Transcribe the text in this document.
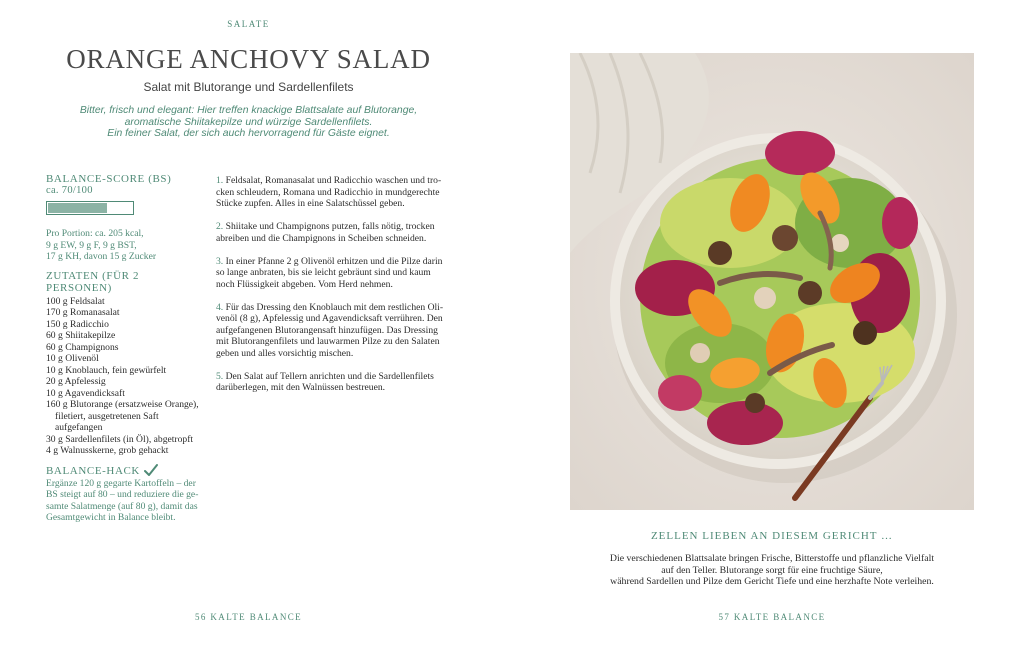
SALATE
ORANGE ANCHOVY SALAD
Salat mit Blutorange und Sardellenfilets
Bitter, frisch und elegant: Hier treffen knackige Blattsalate auf Blutorange,
aromatische Shiitakepilze und würzige Sardellenfilets.
Ein feiner Salat, der sich auch hervorragend für Gäste eignet.
BALANCE-SCORE (BS)
ca. 70/100
Pro Portion: ca. 205 kcal,
9 g EW, 9 g F, 9 g BST,
17 g KH, davon 15 g Zucker
ZUTATEN (FÜR 2 PERSONEN)
100 g Feldsalat
170 g Romanasalat
150 g Radicchio
60 g Shiitakepilze
60 g Champignons
10 g Olivenöl
10 g Knoblauch, fein gewürfelt
20 g Apfelessig
10 g Agavendicksaft
160 g Blutorange (ersatzweise Orange),
filetiert, ausgetretenen Saft
aufgefangen
30 g Sardellenfilets (in Öl), abgetropft
4 g Walnusskerne, grob gehackt
BALANCE-HACK
Ergänze 120 g gegarte Kartoffeln – der
BS steigt auf 80 – und reduziere die ge-
samte Salatmenge (auf 80 g), damit das
Gesamtgewicht in Balance bleibt.
1. Feldsalat, Romanasalat und Radicchio waschen und tro-
cken schleudern, Romana und Radicchio in mundgerechte
Stücke zupfen. Alles in eine Salatschüssel geben.
2. Shiitake und Champignons putzen, falls nötig, trocken
abreiben und die Champignons in Scheiben schneiden.
3. In einer Pfanne 2 g Olivenöl erhitzen und die Pilze darin
so lange anbraten, bis sie leicht gebräunt sind und kaum
noch Flüssigkeit abgeben. Vom Herd nehmen.
4. Für das Dressing den Knoblauch mit dem restlichen Oli-
venöl (8 g), Apfelessig und Agavendicksaft verrühren. Den
aufgefangenen Blutorangensaft hinzufügen. Das Dressing
mit Blutorangenfilets und lauwarmen Pilze zu den Salaten
geben und alles vorsichtig mischen.
5. Den Salat auf Tellern anrichten und die Sardellenfilets
darüberlegen, mit den Walnüssen bestreuen.
56 KALTE BALANCE
ZELLEN LIEBEN AN DIESEM GERICHT …
Die verschiedenen Blattsalate bringen Frische, Bitterstoffe und pflanzliche Vielfalt
auf den Teller. Blutorange sorgt für eine fruchtige Säure,
während Sardellen und Pilze dem Gericht Tiefe und eine herzhafte Note verleihen.
57 KALTE BALANCE
